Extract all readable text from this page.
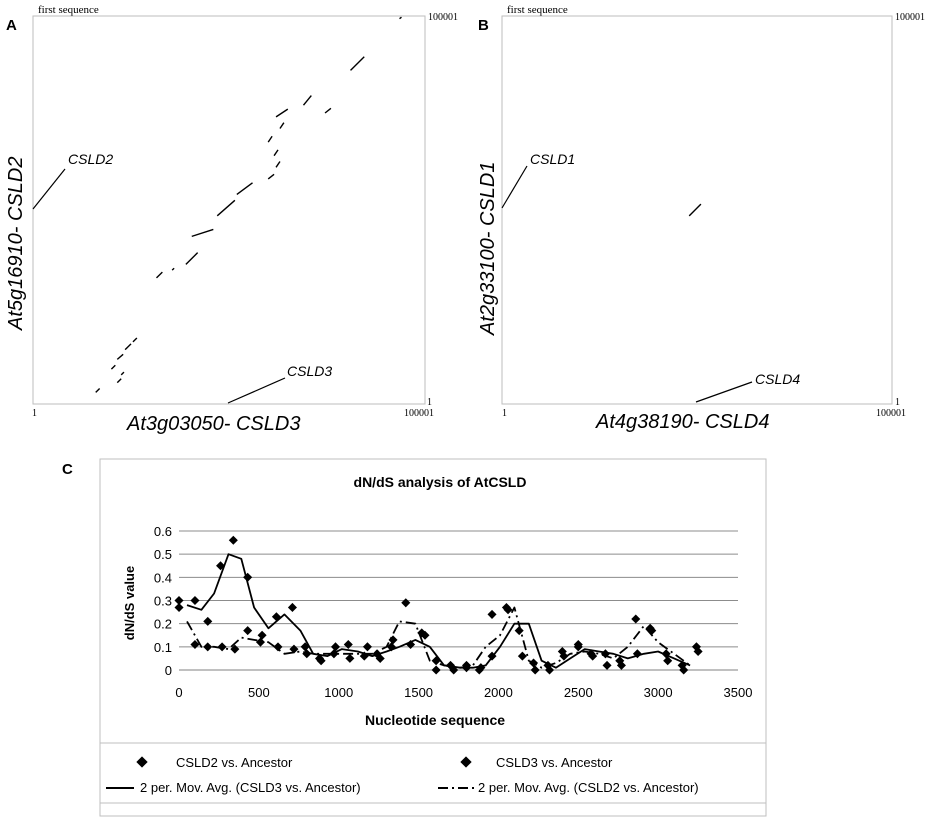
A
first sequence
100001
1
1	100001
At5g16910- CSLD2
At3g03050- CSLD3
CSLD2
CSLD3
B
first sequence
100001
1
1	100001
At2g33100- CSLD1
At4g38190- CSLD4
CSLD1
CSLD4
C
dN/dS analysis of AtCSLD
0
0.1
0.2
0.3
0.4
0.5
0.6
0	500	1000	1500	2000	2500	3000	3500
dN/dS value
Nucleotide sequence
CSLD2 vs. Ancestor	CSLD3 vs. Ancestor
2 per. Mov. Avg. (CSLD3 vs. Ancestor)	2 per. Mov. Avg. (CSLD2 vs. Ancestor)
